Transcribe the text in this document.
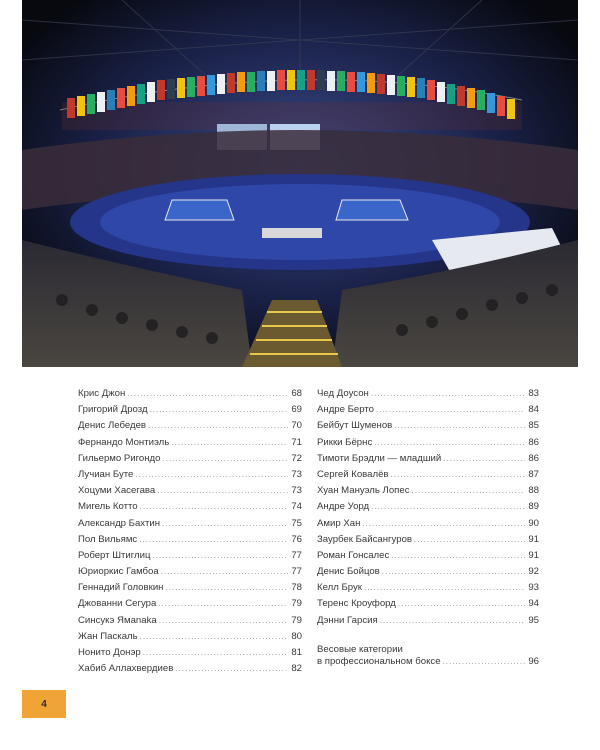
Крис Джон .....	68
Григорий Дрозд .....	69
Денис Лебедев .....	70
Фернандо Монтиэль .....	71
Гильермо Ригондо .....	72
Лучиан Буте .....	73
Хоцуми Хасегава .....	73
Мигель Котто .....	74
Александр Бахтин .....	75
Пол Вильямс .....	76
Роберт Штиглиц .....	77
Юриоркис Гамбоа .....	77
Геннадий Головкин .....	78
Джованни Сегура .....	79
Синсукэ Ямanaka .....	79
Жан Паскаль .....	80
Нонито Донэр .....	81
Хабиб Аллахвердиев .....	82
Чед Доусон .....	83
Андре Берто .....	84
Бейбут Шуменов .....	85
Рикки Бёрнс .....	86
Тимоти Брэдли — младший .....	86
Сергей Ковалёв .....	87
Хуан Мануэль Лопес .....	88
Андре Уорд .....	89
Амир Хан .....	90
Заурбек Байсангуров .....	91
Роман Гонсалес .....	91
Денис Бойцов .....	92
Келл Брук .....	93
Теренс Кроуфорд .....	94
Дэнни Гарсия .....	95
Весовые категории
в профессиональном боксе .....	96
4
